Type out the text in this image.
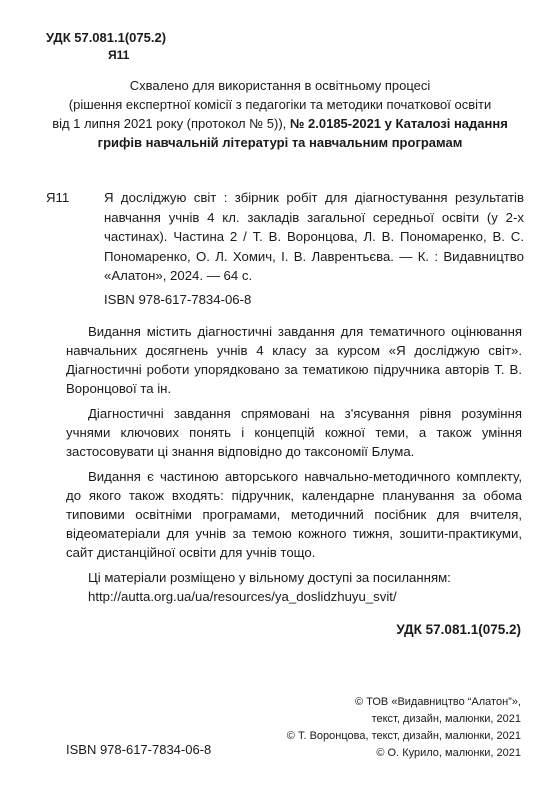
УДК 57.081.1(075.2)
Я11
Схвалено для використання в освітньому процесі
(рішення експертної комісії з педагогіки та методики початкової освіти
від 1 липня 2021 року (протокол № 5)), № 2.0185-2021 у Каталозі надання
грифів навчальній літературі та навчальним програмам
Я11	Я досліджую світ : збірник робіт для діагностування результатів навчання учнів 4 кл. закладів загальної середньої освіти (у 2-х частинах). Частина 2 / Т. В. Воронцова, Л. В. Пономаренко, В. С. Пономаренко, О. Л. Хомич, І. В. Лаврентьєва. — К. : Видавництво «Алатон», 2024. — 64 с.
ISBN 978-617-7834-06-8

Видання містить діагностичні завдання для тематичного оцінювання навчальних досягнень учнів 4 класу за курсом «Я досліджую світ». Діагностичні роботи упорядковано за тематикою підручника авторів Т. В. Воронцової та ін.

Діагностичні завдання спрямовані на з'ясування рівня розуміння учнями ключових понять і концепцій кожної теми, а також уміння застосовувати ці знання відповідно до таксономії Блума.

Видання є частиною авторського навчально-методичного комплекту, до якого також входять: підручник, календарне планування за обома типовими освітніми програмами, методичний посібник для вчителя, відеоматеріали для учнів за темою кожного тижня, зошити-практикуми, сайт дистанційної освіти для учнів тощо.

Ці матеріали розміщено у вільному доступі за посиланням:

http://autta.org.ua/ua/resources/ya_doslidzhuyu_svit/

УДК 57.081.1(075.2)
© ТОВ «Видавництво “Алатон”»,
текст, дизайн, малюнки, 2021
© Т. Воронцова, текст, дизайн, малюнки, 2021
© О. Курило, малюнки, 2021
ISBN 978-617-7834-06-8
